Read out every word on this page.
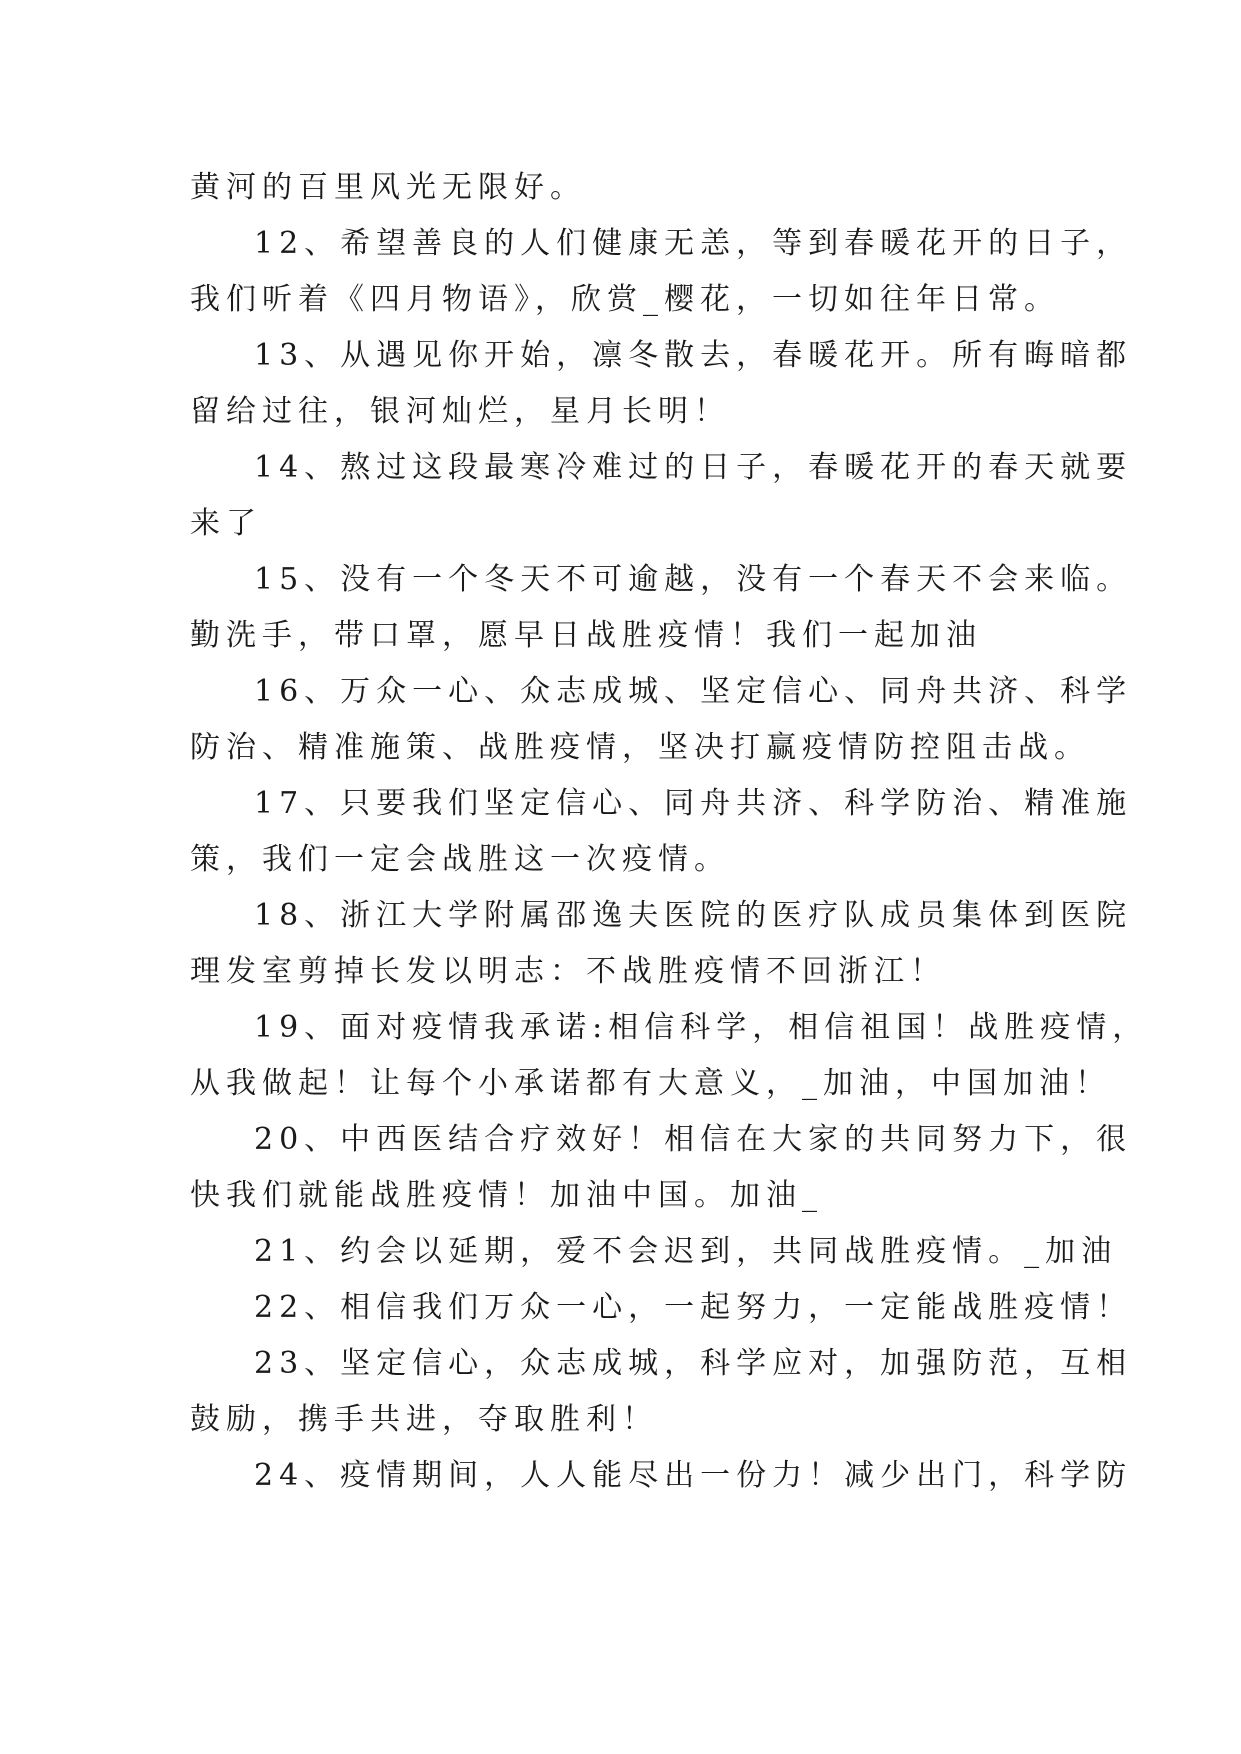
黄河的百里风光无限好。
12、希望善良的人们健康无恙，等到春暖花开的日子，
我们听着《四月物语》，欣赏_樱花，一切如往年日常。
13、从遇见你开始，凛冬散去，春暖花开。所有晦暗都
留给过往，银河灿烂，星月长明！
14、熬过这段最寒冷难过的日子，春暖花开的春天就要
来了
15、没有一个冬天不可逾越，没有一个春天不会来临。
勤洗手，带口罩，愿早日战胜疫情！我们一起加油
16、万众一心、众志成城、坚定信心、同舟共济、科学
防治、精准施策、战胜疫情，坚决打赢疫情防控阻击战。
17、只要我们坚定信心、同舟共济、科学防治、精准施
策，我们一定会战胜这一次疫情。
18、浙江大学附属邵逸夫医院的医疗队成员集体到医院
理发室剪掉长发以明志：不战胜疫情不回浙江！
19、面对疫情我承诺:相信科学，相信祖国！战胜疫情，
从我做起！让每个小承诺都有大意义，_加油，中国加油！
20、中西医结合疗效好！相信在大家的共同努力下，很
快我们就能战胜疫情！加油中国。加油_
21、约会以延期，爱不会迟到，共同战胜疫情。_加油
22、相信我们万众一心，一起努力，一定能战胜疫情！
23、坚定信心，众志成城，科学应对，加强防范，互相
鼓励，携手共进，夺取胜利！
24、疫情期间，人人能尽出一份力！减少出门，科学防
